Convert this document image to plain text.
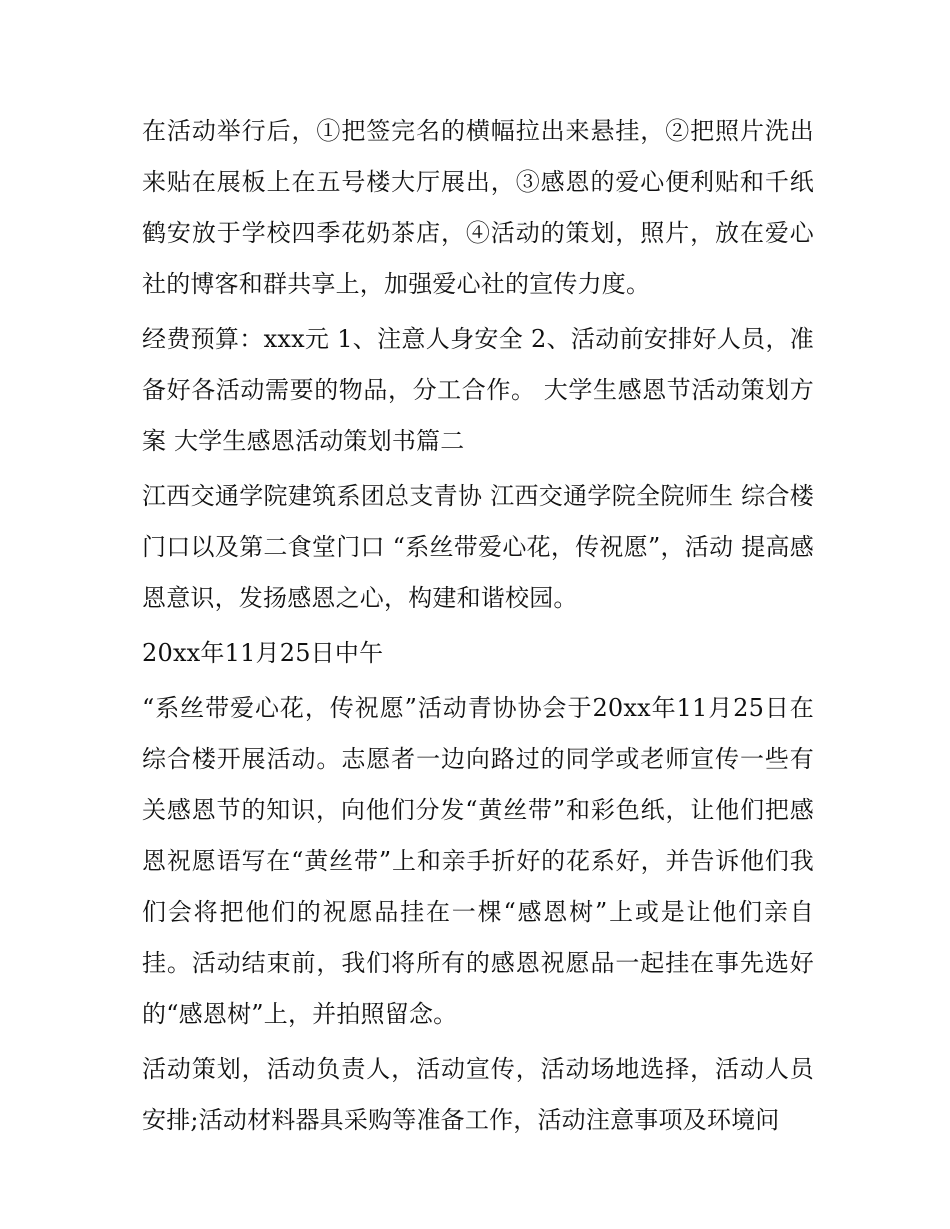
在活动举行后，①把签完名的横幅拉出来悬挂，②把照片洗出来贴在展板上在五号楼大厅展出，③感恩的爱心便利贴和千纸鹤安放于学校四季花奶茶店，④活动的策划，照片，放在爱心社的博客和群共享上，加强爱心社的宣传力度。

经费预算：xxx元 1、注意人身安全 2、活动前安排好人员，准备好各活动需要的物品，分工合作。 大学生感恩节活动策划方案 大学生感恩活动策划书篇二

江西交通学院建筑系团总支青协 江西交通学院全院师生 综合楼门口以及第二食堂门口 “系丝带爱心花，传祝愿”，活动 提高感恩意识，发扬感恩之心，构建和谐校园。

20xx年11月25日中午

“系丝带爱心花，传祝愿”活动青协协会于20xx年11月25日在综合楼开展活动。志愿者一边向路过的同学或老师宣传一些有关感恩节的知识，向他们分发“黄丝带”和彩色纸，让他们把感恩祝愿语写在“黄丝带”上和亲手折好的花系好，并告诉他们我们会将把他们的祝愿品挂在一棵“感恩树”上或是让他们亲自挂。活动结束前，我们将所有的感恩祝愿品一起挂在事先选好的“感恩树”上，并拍照留念。

活动策划，活动负责人，活动宣传，活动场地选择，活动人员安排;活动材料器具采购等准备工作，活动注意事项及环境问
